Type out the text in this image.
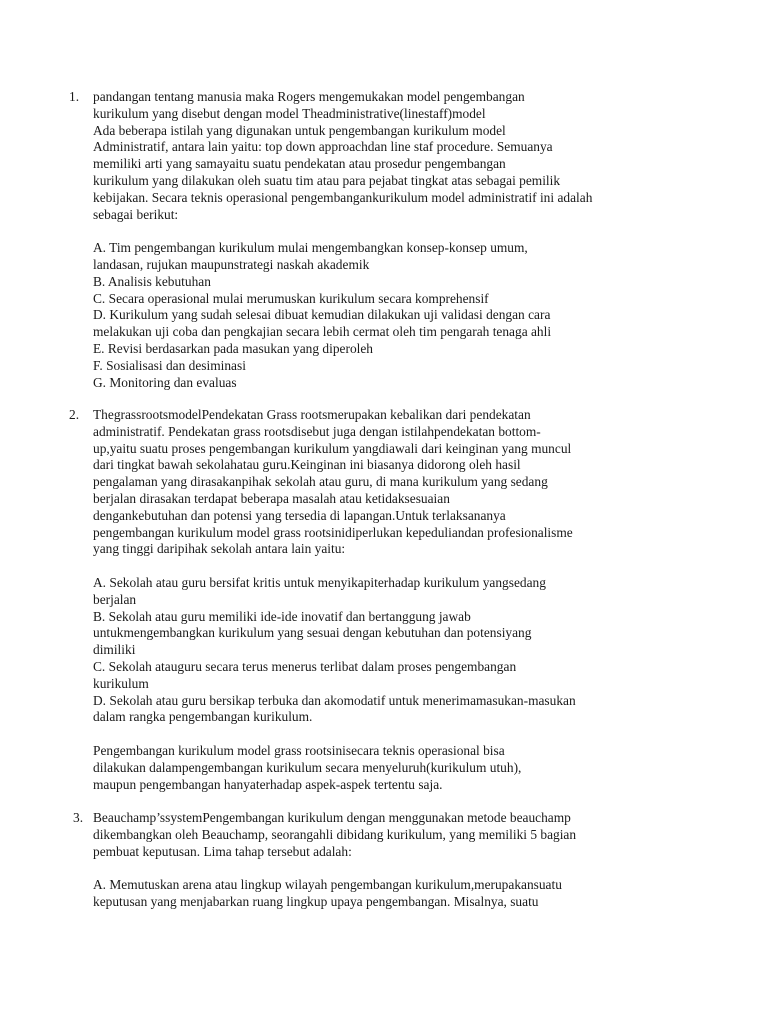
1. pandangan tentang manusia maka Rogers mengemukakan model pengembangan
kurikulum yang disebut dengan model Theadministrative(linestaff)model
Ada beberapa istilah yang digunakan untuk pengembangan kurikulum model
Administratif, antara lain yaitu: top down approachdan line staf procedure. Semuanya
memiliki arti yang samayaitu suatu pendekatan atau prosedur pengembangan
kurikulum yang dilakukan oleh suatu tim atau para pejabat tingkat atas sebagai pemilik
kebijakan. Secara teknis operasional pengembangankurikulum model administratif ini adalah
sebagai berikut:
A. Tim pengembangan kurikulum mulai mengembangkan konsep-konsep umum,
landasan, rujukan maupunstrategi naskah akademik
B. Analisis kebutuhan
C. Secara operasional mulai merumuskan kurikulum secara komprehensif
D. Kurikulum yang sudah selesai dibuat kemudian dilakukan uji validasi dengan cara
melakukan uji coba dan pengkajian secara lebih cermat oleh tim pengarah tenaga ahli
E. Revisi berdasarkan pada masukan yang diperoleh
F. Sosialisasi dan desiminasi
G. Monitoring dan evaluas
2. ThegrassrootsmodelPendekatan Grass rootsmerupakan kebalikan dari pendekatan
administratif. Pendekatan grass rootsdisebut juga dengan istilahpendekatan bottom-
up,yaitu suatu proses pengembangan kurikulum yangdiawali dari keinginan yang muncul
dari tingkat bawah sekolahatau guru.Keinginan ini biasanya didorong oleh hasil
pengalaman yang dirasakanpihak sekolah atau guru, di mana kurikulum yang sedang
berjalan dirasakan terdapat beberapa masalah atau ketidaksesuaian
dengankebutuhan dan potensi yang tersedia di lapangan.Untuk terlaksananya
pengembangan kurikulum model grass rootsinidiperlukan kepeduliandan profesionalisme
yang tinggi daripihak sekolah antara lain yaitu:
A. Sekolah atau guru bersifat kritis untuk menyikapiterhadap kurikulum yangsedang
berjalan
B. Sekolah atau guru memiliki ide-ide inovatif dan bertanggung jawab
untukmengembangkan kurikulum yang sesuai dengan kebutuhan dan potensiyang
dimiliki
C. Sekolah atauguru secara terus menerus terlibat dalam proses pengembangan
kurikulum
D. Sekolah atau guru bersikap terbuka dan akomodatif untuk menerimamasukan-masukan
dalam rangka pengembangan kurikulum.
Pengembangan kurikulum model grass rootsinisecara teknis operasional bisa
dilakukan dalampengembangan kurikulum secara menyeluruh(kurikulum utuh),
maupun pengembangan hanyaterhadap aspek-aspek tertentu saja.
3. Beauchamp’ssystemPengembangan kurikulum dengan menggunakan metode beauchamp
dikembangkan oleh Beauchamp, seorangahli dibidang kurikulum, yang memiliki 5 bagian
pembuat keputusan. Lima tahap tersebut adalah:
A. Memutuskan arena atau lingkup wilayah pengembangan kurikulum,merupakansuatu
keputusan yang menjabarkan ruang lingkup upaya pengembangan. Misalnya, suatu
